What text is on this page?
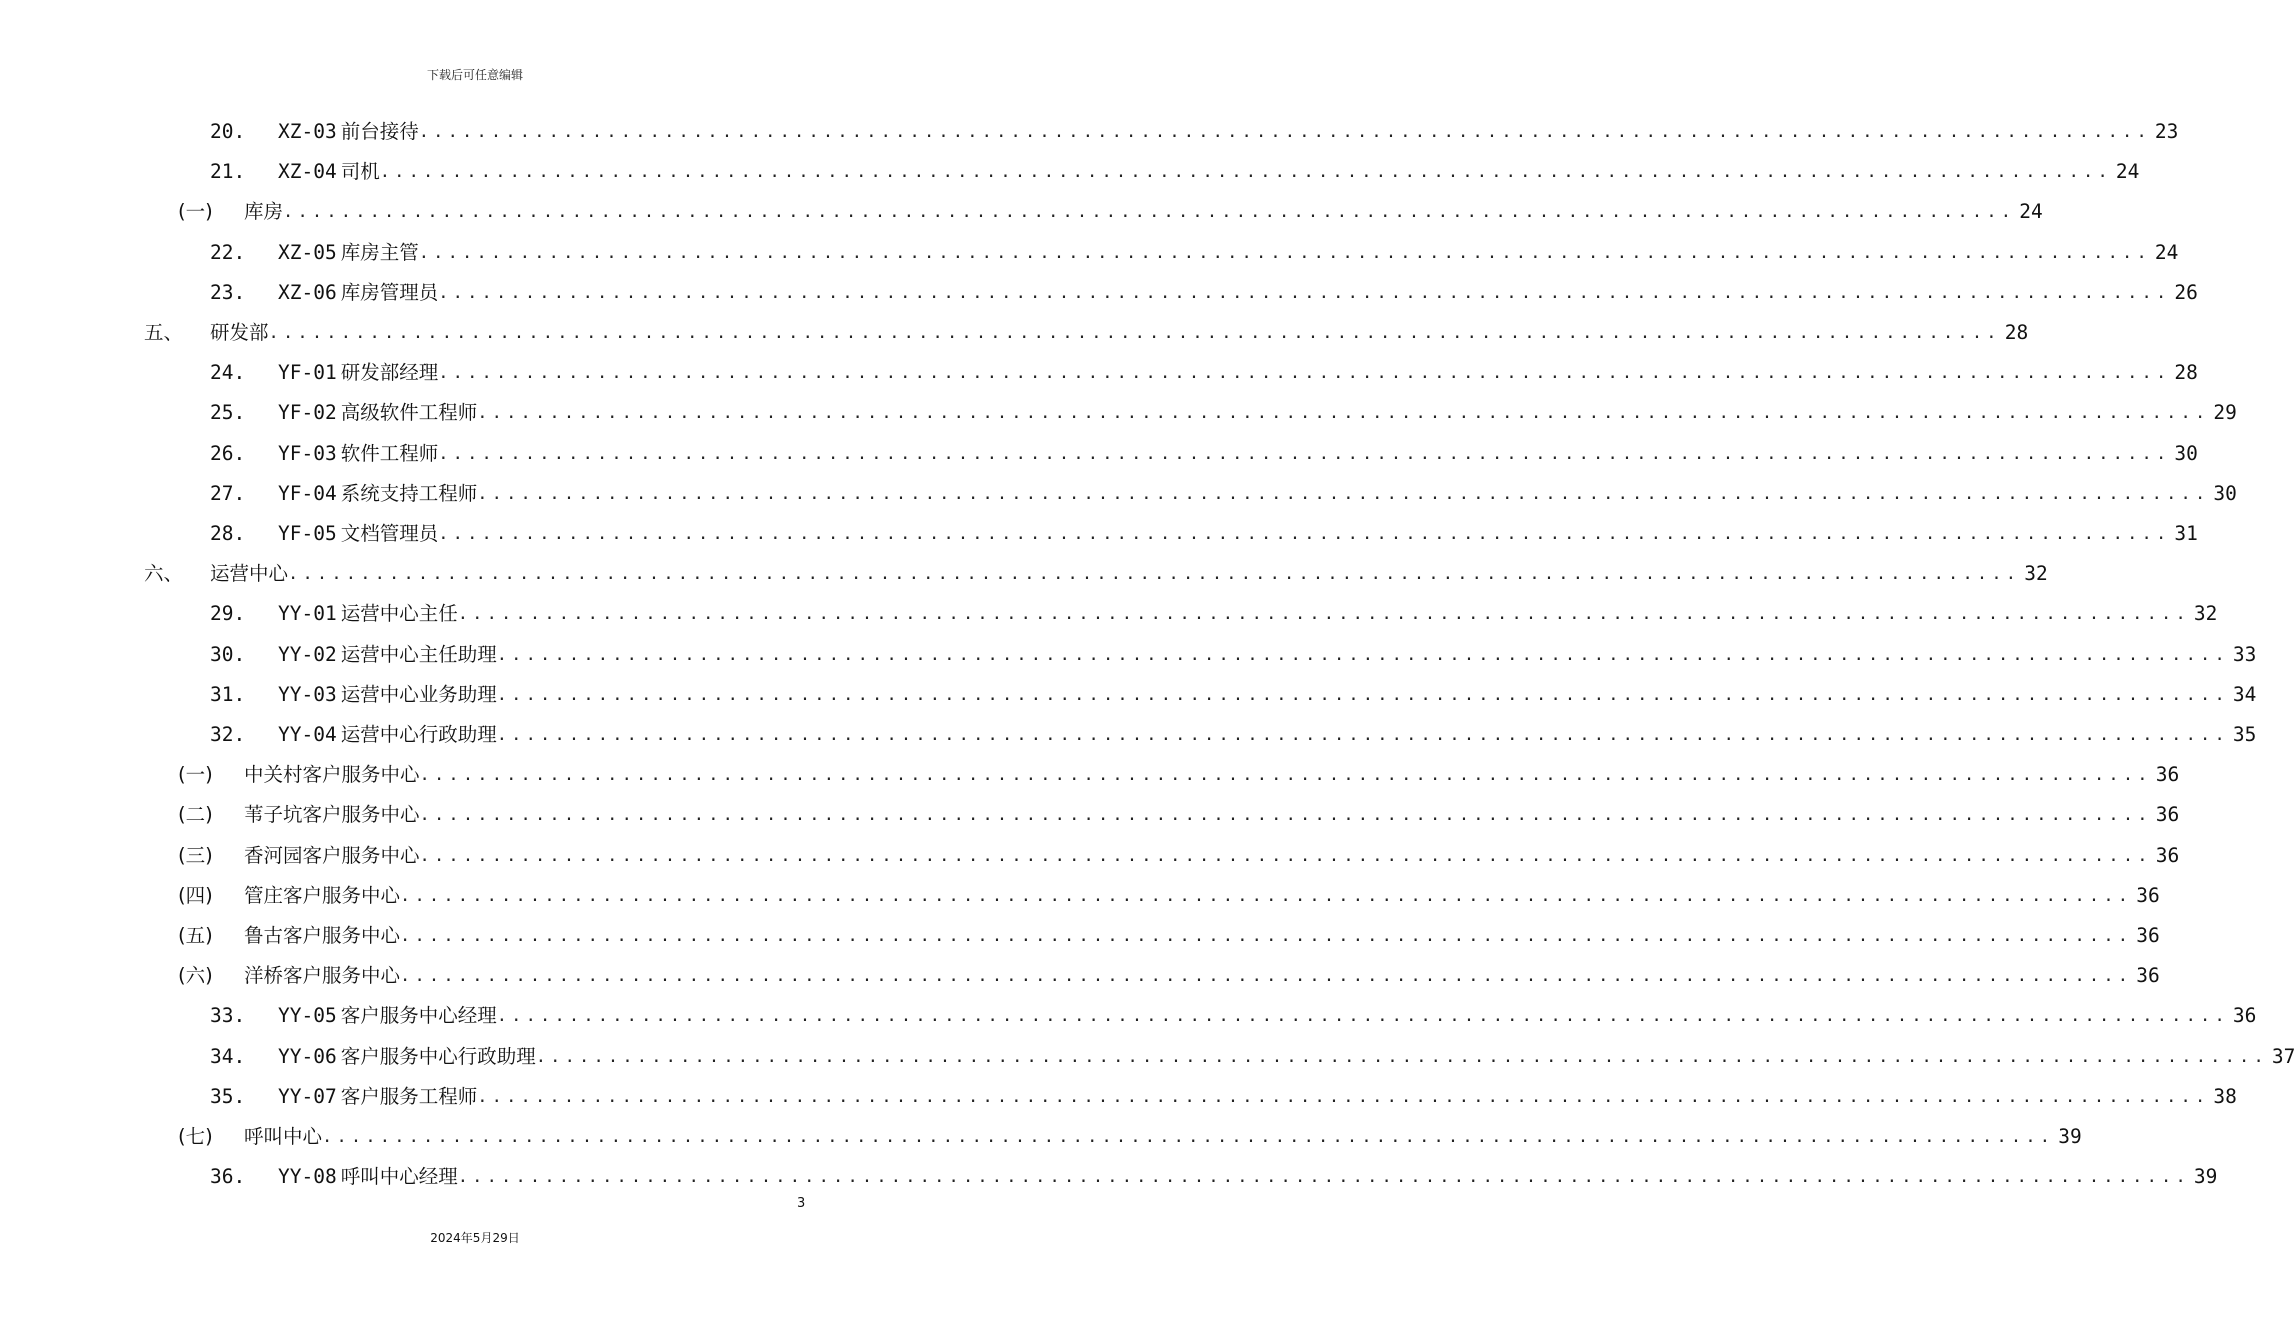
下载后可任意编辑
20. XZ-03 前台接待 ........................................................................................................................ 23
21. XZ-04 司机 ........................................................................................................................ 24
(一) 库房 ........................................................................................................................ 24
22. XZ-05 库房主管 ........................................................................................................................ 24
23. XZ-06 库房管理员 ........................................................................................................................ 26
五、 研发部 ........................................................................................................................ 28
24. YF-01 研发部经理 ........................................................................................................................ 28
25. YF-02 高级软件工程师 ........................................................................................................................ 29
26. YF-03 软件工程师 ........................................................................................................................ 30
27. YF-04 系统支持工程师 ........................................................................................................................ 30
28. YF-05 文档管理员 ........................................................................................................................ 31
六、 运营中心 ........................................................................................................................ 32
29. YY-01 运营中心主任 ........................................................................................................................ 32
30. YY-02 运营中心主任助理 ........................................................................................................................ 33
31. YY-03 运营中心业务助理 ........................................................................................................................ 34
32. YY-04 运营中心行政助理 ........................................................................................................................ 35
(一) 中关村客户服务中心 ........................................................................................................................ 36
(二) 苇子坑客户服务中心 ........................................................................................................................ 36
(三) 香河园客户服务中心 ........................................................................................................................ 36
(四) 管庄客户服务中心 ........................................................................................................................ 36
(五) 鲁古客户服务中心 ........................................................................................................................ 36
(六) 洋桥客户服务中心 ........................................................................................................................ 36
33. YY-05 客户服务中心经理 ........................................................................................................................ 36
34. YY-06 客户服务中心行政助理 ........................................................................................................................ 37
35. YY-07 客户服务工程师 ........................................................................................................................ 38
(七) 呼叫中心 ........................................................................................................................ 39
36. YY-08 呼叫中心经理 ........................................................................................................................ 39
3
2024年5月29日
